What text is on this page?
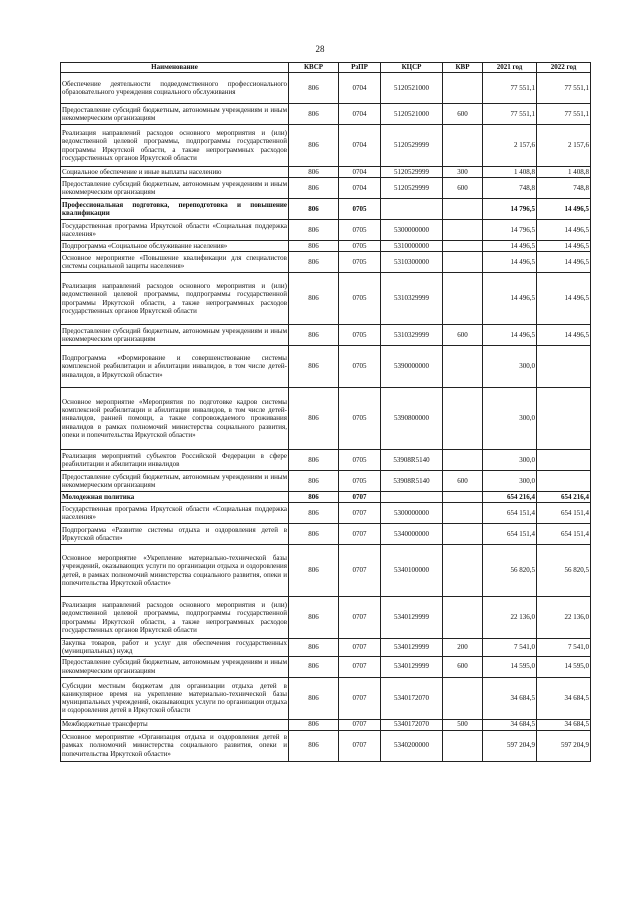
28
Наименование	КВСР	РзПР	КЦСР	КВР	2021 год	2022 год
Обеспечение деятельности подведомственного профессионального образовательного учреждения социального обслуживания	806	0704	5120521000		77 551,1	77 551,1
Предоставление субсидий бюджетным, автономным учреждениям и иным некоммерческим организациям	806	0704	5120521000	600	77 551,1	77 551,1
Реализация направлений расходов основного мероприятия и (или) ведомственной целевой программы, подпрограммы государственной программы Иркутской области, а также непрограммных расходов государственных органов Иркутской области	806	0704	5120529999		2 157,6	2 157,6
Социальное обеспечение и иные выплаты населению	806	0704	5120529999	300	1 408,8	1 408,8
Предоставление субсидий бюджетным, автономным учреждениям и иным некоммерческим организациям	806	0704	5120529999	600	748,8	748,8
Профессиональная подготовка, переподготовка и повышение квалификации	806	0705			14 796,5	14 496,5
Государственная программа Иркутской области «Социальная поддержка населения»	806	0705	5300000000		14 796,5	14 496,5
Подпрограмма «Социальное обслуживание населения»	806	0705	5310000000		14 496,5	14 496,5
Основное мероприятие «Повышение квалификации для специалистов системы социальной защиты населения»	806	0705	5310300000		14 496,5	14 496,5
Реализация направлений расходов основного мероприятия и (или) ведомственной целевой программы, подпрограммы государственной программы Иркутской области, а также непрограммных расходов государственных органов Иркутской области	806	0705	5310329999		14 496,5	14 496,5
Предоставление субсидий бюджетным, автономным учреждениям и иным некоммерческим организациям	806	0705	5310329999	600	14 496,5	14 496,5
Подпрограмма «Формирование и совершенствование системы комплексной реабилитации и абилитации инвалидов, в том числе детей-инвалидов, в Иркутской области»	806	0705	5390000000		300,0	
Основное мероприятие «Мероприятия по подготовке кадров системы комплексной реабилитации и абилитации инвалидов, в том числе детей-инвалидов, ранней помощи, а также сопровождаемого проживания инвалидов в рамках полномочий министерства социального развития, опеки и попечительства Иркутской области»	806	0705	5390800000		300,0	
Реализация мероприятий субъектов Российской Федерации в сфере реабилитации и абилитации инвалидов	806	0705	53908R5140		300,0	
Предоставление субсидий бюджетным, автономным учреждениям и иным некоммерческим организациям	806	0705	53908R5140	600	300,0	
Молодежная политика	806	0707			654 216,4	654 216,4
Государственная программа Иркутской области «Социальная поддержка населения»	806	0707	5300000000		654 151,4	654 151,4
Подпрограмма «Развитие системы отдыха и оздоровления детей в Иркутской области»	806	0707	5340000000		654 151,4	654 151,4
Основное мероприятие «Укрепление материально-технической базы учреждений, оказывающих услуги по организации отдыха и оздоровления детей, в рамках полномочий министерства социального развития, опеки и попечительства Иркутской области»	806	0707	5340100000		56 820,5	56 820,5
Реализация направлений расходов основного мероприятия и (или) ведомственной целевой программы, подпрограммы государственной программы Иркутской области, а также непрограммных расходов государственных органов Иркутской области	806	0707	5340129999		22 136,0	22 136,0
Закупка товаров, работ и услуг для обеспечения государственных (муниципальных) нужд	806	0707	5340129999	200	7 541,0	7 541,0
Предоставление субсидий бюджетным, автономным учреждениям и иным некоммерческим организациям	806	0707	5340129999	600	14 595,0	14 595,0
Субсидии местным бюджетам для организации отдыха детей в каникулярное время на укрепление материально-технической базы муниципальных учреждений, оказывающих услуги по организации отдыха и оздоровления детей в Иркутской области	806	0707	5340172070		34 684,5	34 684,5
Межбюджетные трансферты	806	0707	5340172070	500	34 684,5	34 684,5
Основное мероприятие «Организация отдыха и оздоровления детей в рамках полномочий министерства социального развития, опеки и попечительства Иркутской области»	806	0707	5340200000		597 204,9	597 204,9
